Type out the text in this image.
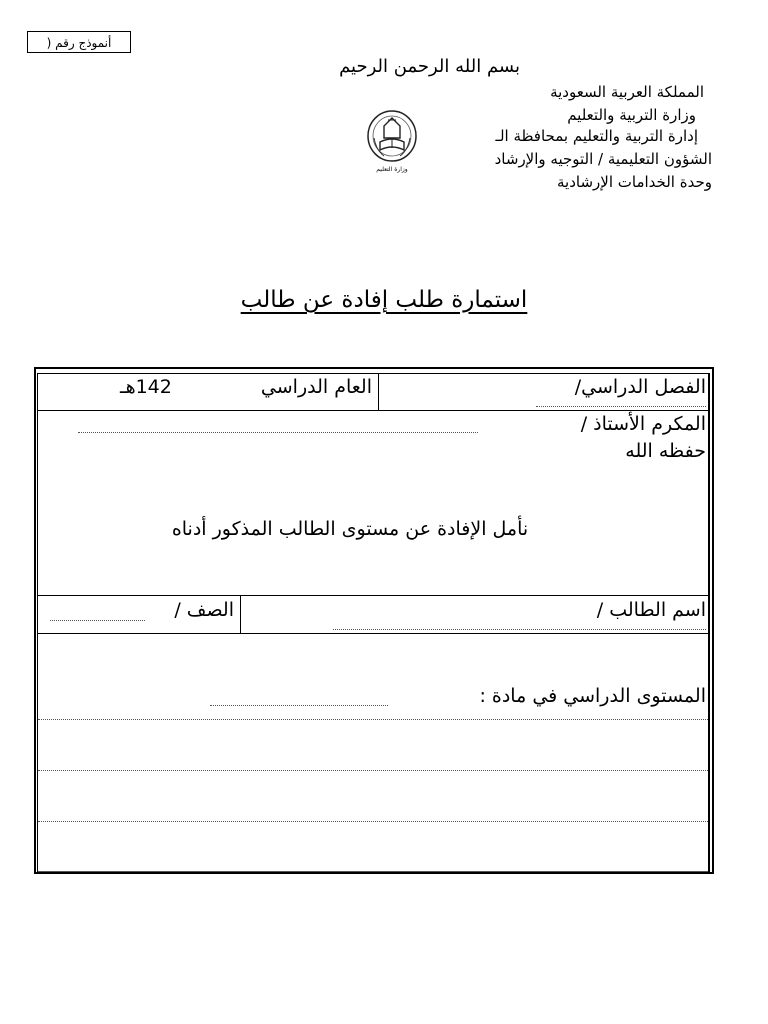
أنموذج رقم (
بسم الله الرحمن الرحيم
المملكة العربية السعودية
وزارة التربية والتعليم
إدارة التربية والتعليم بمحافظة الـ
الشؤون التعليمية / التوجيه والإرشاد
وحدة الخدامات الإرشادية
وزارة التعليم
استمارة طلب إفادة عن طالب
العام الدراسي
142هـ	الفصل الدراسي/
المكرم الأستاذ /
حفظه الله
نأمل الإفادة عن مستوى الطالب المذكور أدناه
الصف /	اسم الطالب /
المستوى الدراسي في مادة :
